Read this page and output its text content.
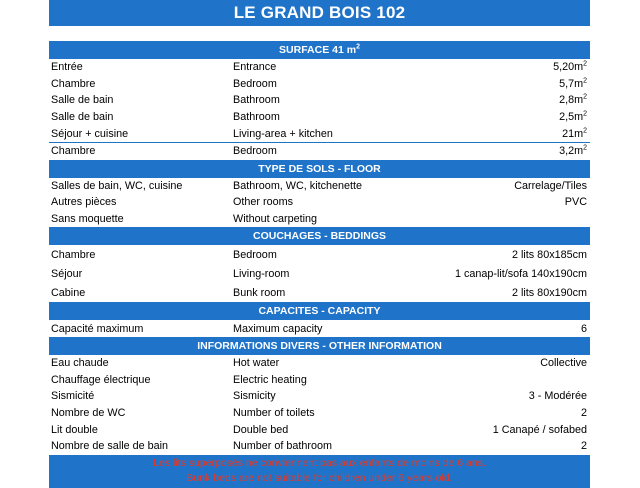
LE GRAND BOIS 102
SURFACE 41 $m^2$
Entrée	Entrance	$5,20m^2$
Chambre	Bedroom	$5,7m^2$
Salle de bain	Bathroom	$2,8m^2$
Salle de bain	Bathroom	$2,5m^2$
Séjour + cuisine	Living-area + kitchen	$21m^2$
Chambre	Bedroom	$3,2m^2$
TYPE DE SOLS - FLOOR
Salles de bain, WC, cuisine	Bathroom, WC, kitchenette	Carrelage/Tiles
Autres pièces	Other rooms	PVC
Sans moquette	Without carpeting
COUCHAGES - BEDDINGS
Chambre	Bedroom	2 lits 80x185cm
Séjour	Living-room	1 canap-lit/sofa 140x190cm
Cabine	Bunk room	2 lits 80x190cm
CAPACITES - CAPACITY
Capacité maximum	Maximum capacity	6
INFORMATIONS DIVERS - OTHER INFORMATION
Eau chaude	Hot water	Collective
Chauffage électrique	Electric heating
Sismicité	Sismicity	3 - Modérée
Nombre de WC	Number of toilets	2
Lit double	Double bed	1 Canapé / sofabed
Nombre de salle de bain	Number of bathroom	2
Les lits superposés ne conviennent pas aux enfants de moins de 6 ans.
Bunk beds are not suitable for children under 6 years old.
